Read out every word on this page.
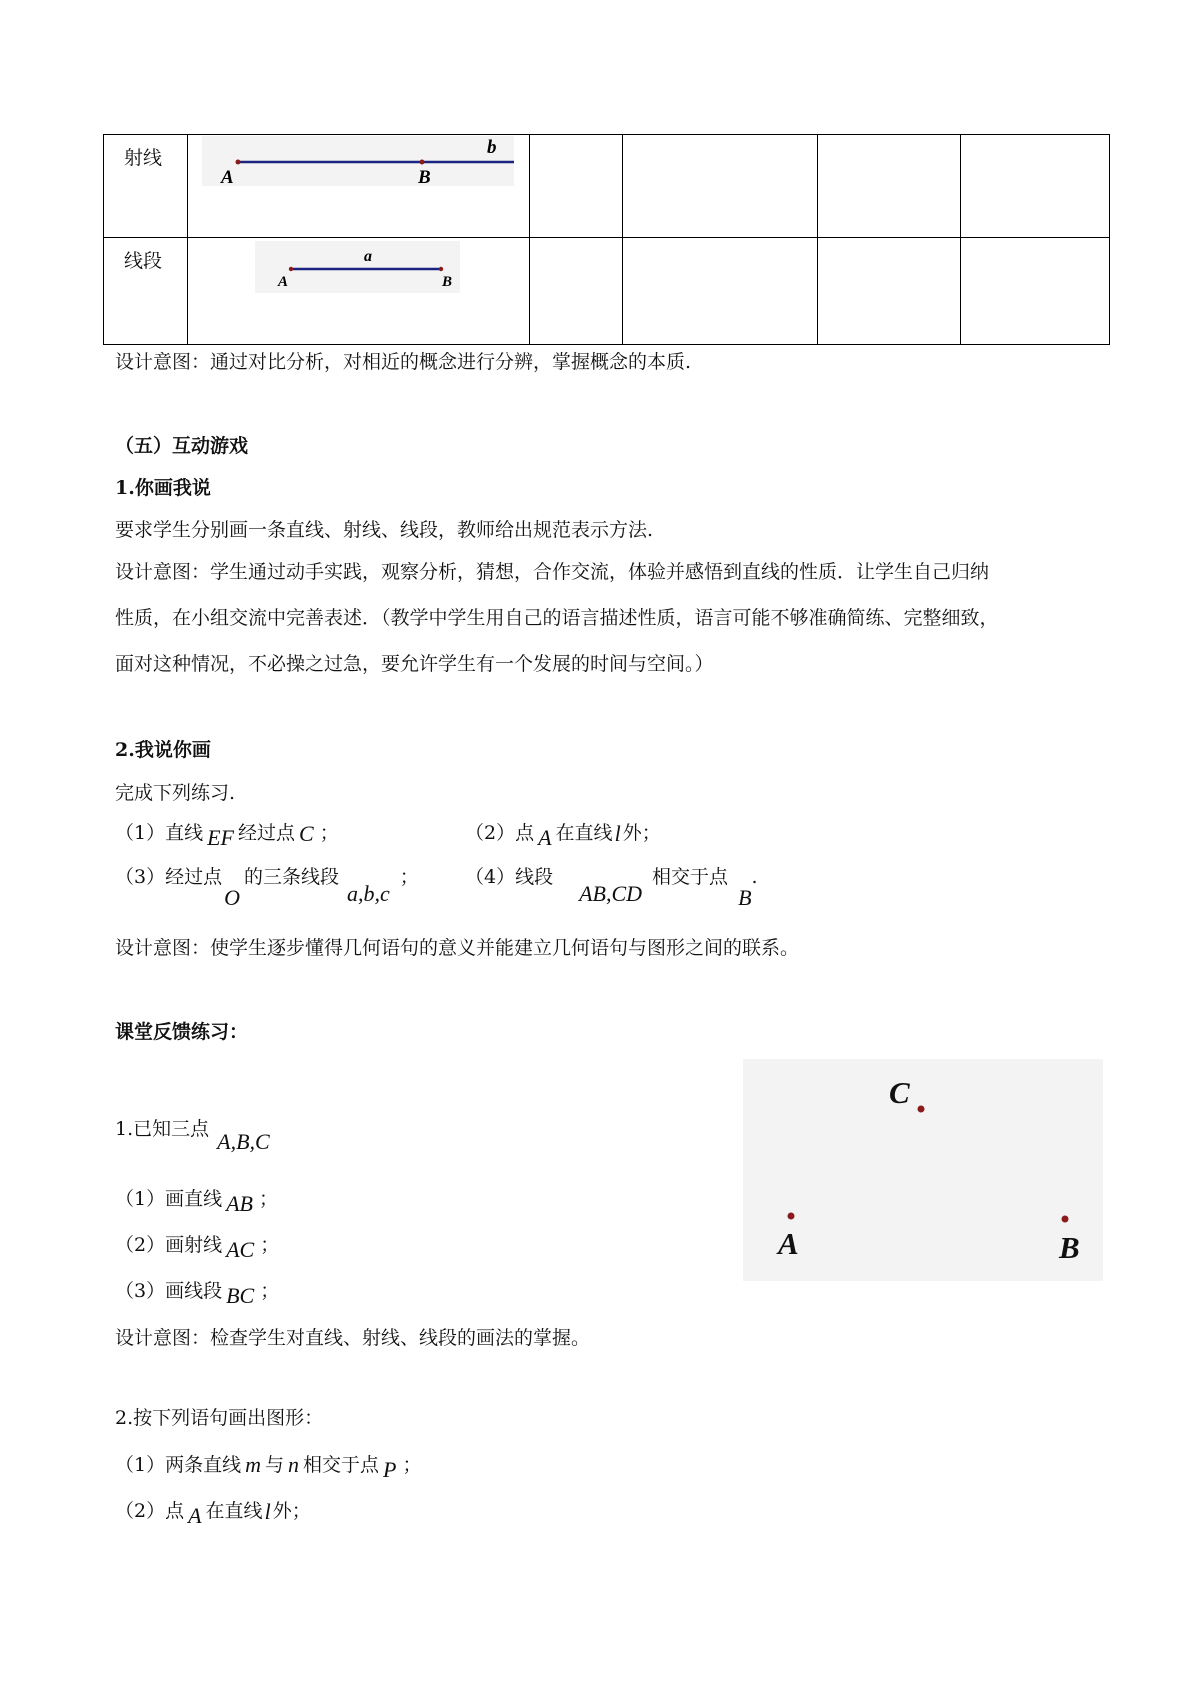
射线	b
A B				

线段	a
A B				

设计意图：通过对比分析，对相近的概念进行分辨，掌握概念的本质.
（五）互动游戏
1.你画我说
要求学生分别画一条直线、射线、线段，教师给出规范表示方法.
设计意图：学生通过动手实践，观察分析，猜想，合作交流，体验并感悟到直线的性质．让学生自己归纳
性质，在小组交流中完善表述．（教学中学生用自己的语言描述性质，语言可能不够准确简练、完整细致，
面对这种情况，不必操之过急，要允许学生有一个发展的时间与空间。）
2.我说你画
完成下列练习.
（1）直线 EF 经过点 C ；	（2）点 A 在直线l 外；
（3）经过点O的三条线段a,b,c； （4）线段AB,CD相交于点B.
设计意图：使学生逐步懂得几何语句的意义并能建立几何语句与图形之间的联系。
课堂反馈练习：
1.已知三点 A,B,C
（1）画直线 AB ；
（2）画射线 AC ；
（3）画线段 BC ；
C
A	B
设计意图：检查学生对直线、射线、线段的画法的掌握。
2.按下列语句画出图形：
（1）两条直线 m 与 n 相交于点 P ；
（2）点 A 在直线l 外；
